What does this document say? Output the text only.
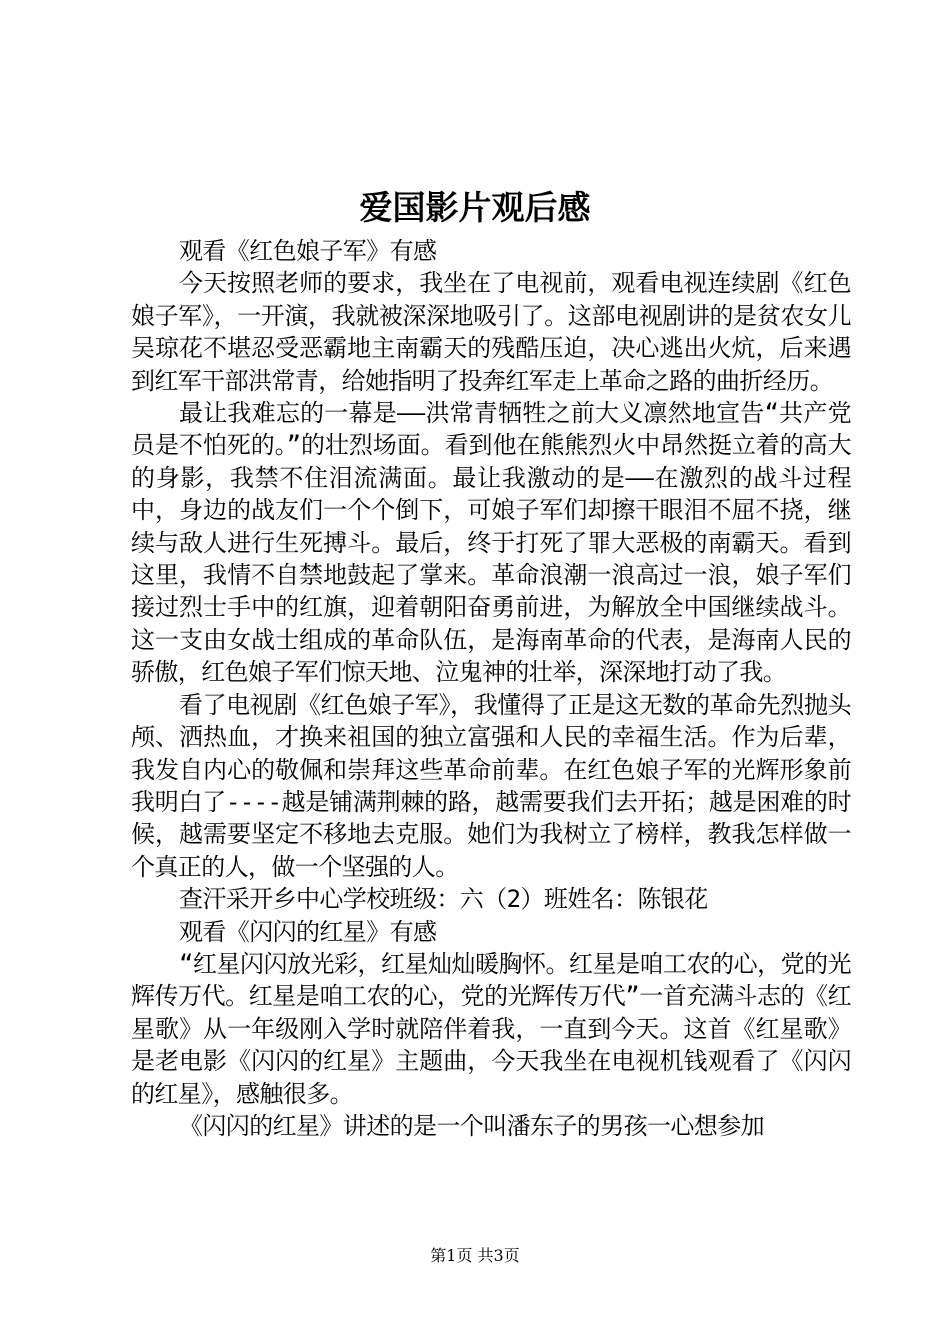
爱国影片观后感

观看《红色娘子军》有感

今天按照老师的要求，我坐在了电视前，观看电视连续剧《红色娘子军》，一开演，我就被深深地吸引了。这部电视剧讲的是贫农女儿吴琼花不堪忍受恶霸地主南霸天的残酷压迫，决心逃出火炕，后来遇到红军干部洪常青，给她指明了投奔红军走上革命之路的曲折经历。

最让我难忘的一幕是——洪常青牺牲之前大义凛然地宣告“共产党员是不怕死的。”的壮烈场面。看到他在熊熊烈火中昂然挺立着的高大的身影，我禁不住泪流满面。最让我激动的是——在激烈的战斗过程中，身边的战友们一个个倒下，可娘子军们却擦干眼泪不屈不挠，继续与敌人进行生死搏斗。最后，终于打死了罪大恶极的南霸天。看到这里，我情不自禁地鼓起了掌来。革命浪潮一浪高过一浪，娘子军们接过烈士手中的红旗，迎着朝阳奋勇前进，为解放全中国继续战斗。这一支由女战士组成的革命队伍，是海南革命的代表，是海南人民的骄傲，红色娘子军们惊天地、泣鬼神的壮举，深深地打动了我。

看了电视剧《红色娘子军》，我懂得了正是这无数的革命先烈抛头颅、洒热血，才换来祖国的独立富强和人民的幸福生活。作为后辈，我发自内心的敬佩和崇拜这些革命前辈。在红色娘子军的光辉形象前我明白了----越是铺满荆棘的路，越需要我们去开拓；越是困难的时候，越需要坚定不移地去克服。她们为我树立了榜样，教我怎样做一个真正的人，做一个坚强的人。

查汗采开乡中心学校班级：六（2）班姓名：陈银花

观看《闪闪的红星》有感

“红星闪闪放光彩，红星灿灿暖胸怀。红星是咱工农的心，党的光辉传万代。红星是咱工农的心，党的光辉传万代”一首充满斗志的《红星歌》从一年级刚入学时就陪伴着我，一直到今天。这首《红星歌》是老电影《闪闪的红星》主题曲，今天我坐在电视机钱观看了《闪闪的红星》，感触很多。

《闪闪的红星》讲述的是一个叫潘东子的男孩一心想参加

第1页 共3页
